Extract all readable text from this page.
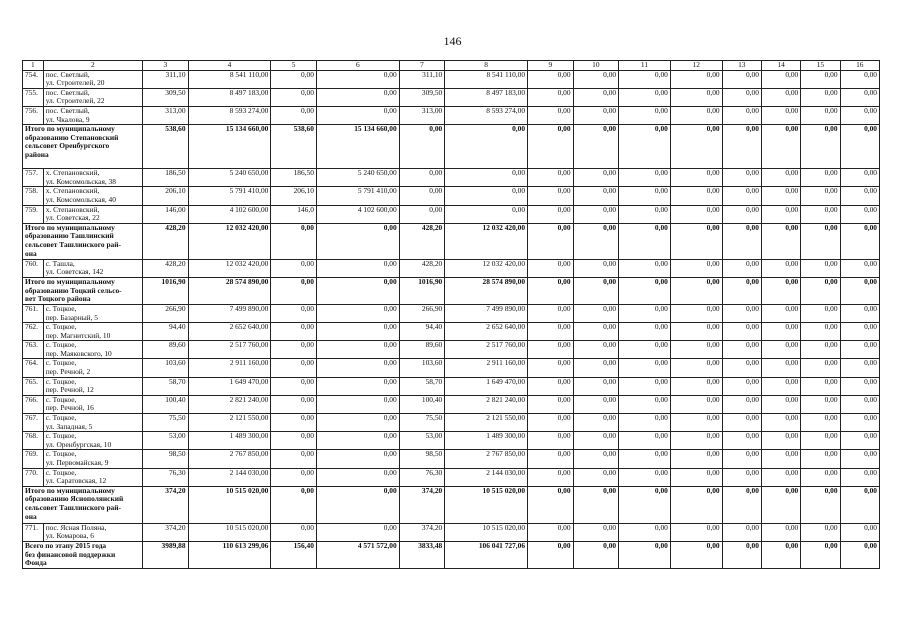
146
1	2	3	4	5	6	7	8	9	10	11	12	13	14	15	16
754.	пос. Светлый,
ул. Строителей, 20	311,10	8 541 110,00	0,00	0,00	311,10	8 541 110,00	0,00	0,00	0,00	0,00	0,00	0,00	0,00	0,00
755.	пос. Светлый,
ул. Строителей, 22	309,50	8 497 183,00	0,00	0,00	309,50	8 497 183,00	0,00	0,00	0,00	0,00	0,00	0,00	0,00	0,00
756.	пос. Светлый,
ул. Чкалова, 9	313,00	8 593 274,00	0,00	0,00	313,00	8 593 274,00	0,00	0,00	0,00	0,00	0,00	0,00	0,00	0,00
Итого по муниципальному
образованию Степановский
сельсовет Оренбургского
района		538,60	15 134 660,00	538,60	15 134 660,00	0,00	0,00	0,00	0,00	0,00	0,00	0,00	0,00	0,00	0,00
757.	х. Степановский,
ул. Комсомольская, 38	186,50	5 240 650,00	186,50	5 240 650,00	0,00	0,00	0,00	0,00	0,00	0,00	0,00	0,00	0,00	0,00
758.	х. Степановский,
ул. Комсомольская, 40	206,10	5 791 410,00	206,10	5 791 410,00	0,00	0,00	0,00	0,00	0,00	0,00	0,00	0,00	0,00	0,00
759.	х. Степановский,
ул. Советская, 22	146,00	4 102 600,00	146,0	4 102 600,00	0,00	0,00	0,00	0,00	0,00	0,00	0,00	0,00	0,00	0,00
Итого по муниципальному
образованию Ташлинский
сельсовет Ташлинского рай-
она		428,20	12 032 420,00	0,00	0,00	428,20	12 032 420,00	0,00	0,00	0,00	0,00	0,00	0,00	0,00	0,00
760.	с. Ташла,
ул. Советская, 142	428,20	12 032 420,00	0,00	0,00	428,20	12 032 420,00	0,00	0,00	0,00	0,00	0,00	0,00	0,00	0,00
Итого по муниципальному
образованию Тоцкий сельсо-
вет Тоцкого района		1016,90	28 574 890,00	0,00	0,00	1016,90	28 574 890,00	0,00	0,00	0,00	0,00	0,00	0,00	0,00	0,00
761.	с. Тоцкое,
пер. Базарный, 5	266,90	7 499 890,00	0,00	0,00	266,90	7 499 890,00	0,00	0,00	0,00	0,00	0,00	0,00	0,00	0,00
762.	с. Тоцкое,
пер. Магнитский, 10	94,40	2 652 640,00	0,00	0,00	94,40	2 652 640,00	0,00	0,00	0,00	0,00	0,00	0,00	0,00	0,00
763.	с. Тоцкое,
пер. Маяковского, 10	89,60	2 517 760,00	0,00	0,00	89,60	2 517 760,00	0,00	0,00	0,00	0,00	0,00	0,00	0,00	0,00
764.	с. Тоцкое,
пер. Речной, 2	103,60	2 911 160,00	0,00	0,00	103,60	2 911 160,00	0,00	0,00	0,00	0,00	0,00	0,00	0,00	0,00
765.	с. Тоцкое,
пер. Речной, 12	58,70	1 649 470,00	0,00	0,00	58,70	1 649 470,00	0,00	0,00	0,00	0,00	0,00	0,00	0,00	0,00
766.	с. Тоцкое,
пер. Речной, 16	100,40	2 821 240,00	0,00	0,00	100,40	2 821 240,00	0,00	0,00	0,00	0,00	0,00	0,00	0,00	0,00
767.	с. Тоцкое,
ул. Западная, 5	75,50	2 121 550,00	0,00	0,00	75,50	2 121 550,00	0,00	0,00	0,00	0,00	0,00	0,00	0,00	0,00
768.	с. Тоцкое,
ул. Оренбургская, 10	53,00	1 489 300,00	0,00	0,00	53,00	1 489 300,00	0,00	0,00	0,00	0,00	0,00	0,00	0,00	0,00
769.	с. Тоцкое,
ул. Первомайская, 9	98,50	2 767 850,00	0,00	0,00	98,50	2 767 850,00	0,00	0,00	0,00	0,00	0,00	0,00	0,00	0,00
770.	с. Тоцкое,
ул. Саратовская, 12	76,30	2 144 030,00	0,00	0,00	76,30	2 144 030,00	0,00	0,00	0,00	0,00	0,00	0,00	0,00	0,00
Итого по муниципальному
образованию Яснополянский
сельсовет Ташлинского рай-
она		374,20	10 515 020,00	0,00	0,00	374,20	10 515 020,00	0,00	0,00	0,00	0,00	0,00	0,00	0,00	0,00
771.	пос. Ясная Поляна,
ул. Комарова, 6	374,20	10 515 020,00	0,00	0,00	374,20	10 515 020,00	0,00	0,00	0,00	0,00	0,00	0,00	0,00	0,00
Всего по этапу 2015 года
без финансовой поддержки
Фонда		3989,88	110 613 299,06	156,40	4 571 572,00	3833,48	106 041 727,06	0,00	0,00	0,00	0,00	0,00	0,00	0,00	0,00
